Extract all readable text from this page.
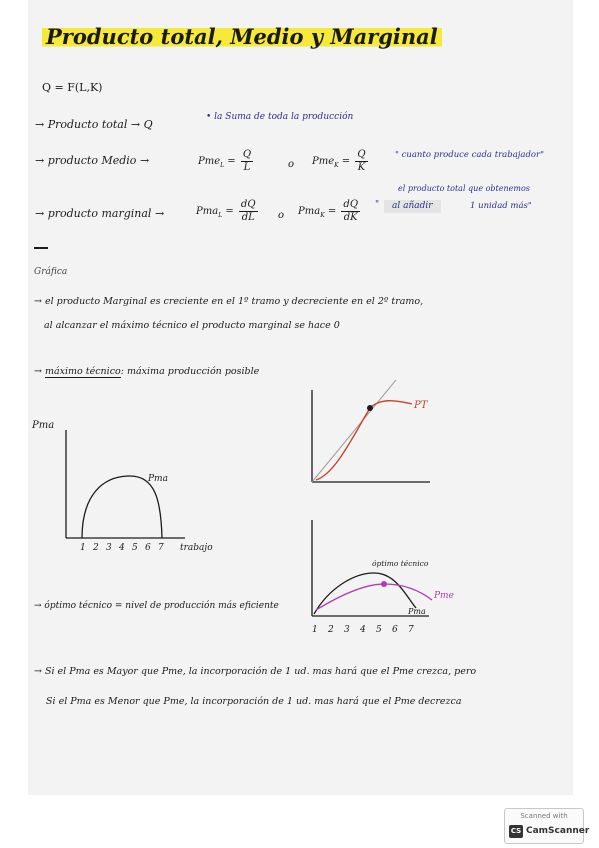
Producto total, Medio y Marginal
Q = F(L,K)
→ Producto total → Q
• la Suma de toda la producción
→ producto Medio →	$Pme_L = \frac{Q}{L}$	o $Pme_K = \frac{Q}{K}$	" cuanto produce cada trabajador"
→ producto marginal →	$Pma_L = \frac{dQ}{dL}$ o $Pma_K = \frac{dQ}{dK}$
el producto total que obtenemos
"	al añadir	1 unidad más"
Gráfica
→ el producto Marginal es creciente en el 1º tramo y decreciente en el 2º tramo,
al alcanzar el máximo técnico el producto marginal se hace 0
→ máximo técnico: máxima producción posible
Pma
Pma
1 2 3 4 5 6 7 trabajo
PT
→ óptimo técnico = nivel de producción más eficiente
óptimo técnico
Pme
Pma
1 2 3 4 5 6 7
→ Si el Pma es Mayor que Pme, la incorporación de 1 ud. mas hará que el Pme crezca, pero
Si el Pma es Menor que Pme, la incorporación de 1 ud. mas hará que el Pme decrezca
Scanned with
CS CamScanner
